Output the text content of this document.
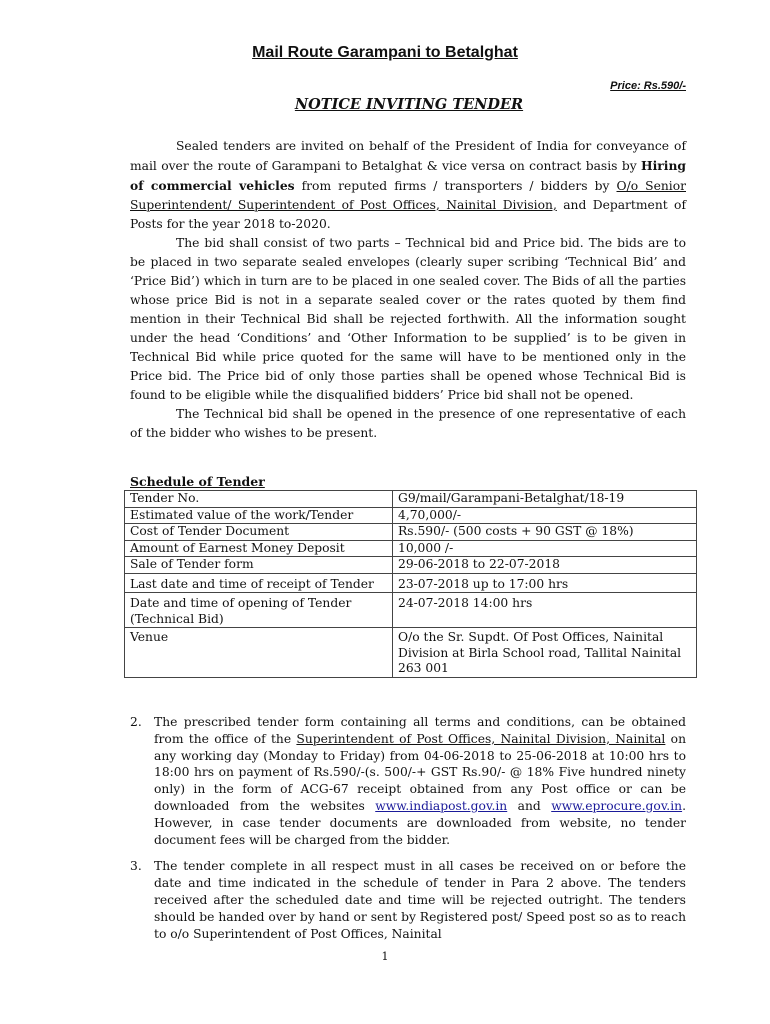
Mail Route Garampani to Betalghat
Price: Rs.590/-
NOTICE INVITING TENDER

Sealed tenders are invited on behalf of the President of India for conveyance of mail over the route of Garampani to Betalghat & vice versa on contract basis by Hiring of commercial vehicles from reputed firms / transporters / bidders by O/o Senior Superintendent/ Superintendent of Post Offices, Nainital Division, and Department of Posts for the year 2018 to-2020.

The bid shall consist of two parts – Technical bid and Price bid. The bids are to be placed in two separate sealed envelopes (clearly super scribing ‘Technical Bid’ and ‘Price Bid’) which in turn are to be placed in one sealed cover. The Bids of all the parties whose price Bid is not in a separate sealed cover or the rates quoted by them find mention in their Technical Bid shall be rejected forthwith. All the information sought under the head ‘Conditions’ and ‘Other Information to be supplied’ is to be given in Technical Bid while price quoted for the same will have to be mentioned only in the Price bid. The Price bid of only those parties shall be opened whose Technical Bid is found to be eligible while the disqualified bidders’ Price bid shall not be opened.

The Technical bid shall be opened in the presence of one representative of each of the bidder who wishes to be present.

Schedule of Tender
Tender No.	G9/mail/Garampani-Betalghat/18-19
Estimated value of the work/Tender	4,70,000/-
Cost of Tender Document	Rs.590/- (500 costs + 90 GST @ 18%)
Amount of Earnest Money Deposit	10,000 /-
Sale of Tender form	29-06-2018 to 22-07-2018
Last date and time of receipt of Tender	23-07-2018 up to 17:00 hrs
Date and time of opening of Tender (Technical Bid)	24-07-2018 14:00 hrs
Venue	O/o the Sr. Supdt. Of Post Offices, Nainital Division at Birla School road, Tallital Nainital 263 001
2. The prescribed tender form containing all terms and conditions, can be obtained from the office of the Superintendent of Post Offices, Nainital Division, Nainital on any working day (Monday to Friday) from 04-06-2018 to 25-06-2018 at 10:00 hrs to 18:00 hrs on payment of Rs.590/-(s. 500/-+ GST Rs.90/- @ 18% Five hundred ninety only) in the form of ACG-67 receipt obtained from any Post office or can be downloaded from the websites www.indiapost.gov.in and www.eprocure.gov.in. However, in case tender documents are downloaded from website, no tender document fees will be charged from the bidder.
3. The tender complete in all respect must in all cases be received on or before the date and time indicated in the schedule of tender in Para 2 above. The tenders received after the scheduled date and time will be rejected outright. The tenders should be handed over by hand or sent by Registered post/ Speed post so as to reach to o/o Superintendent of Post Offices, Nainital
1
